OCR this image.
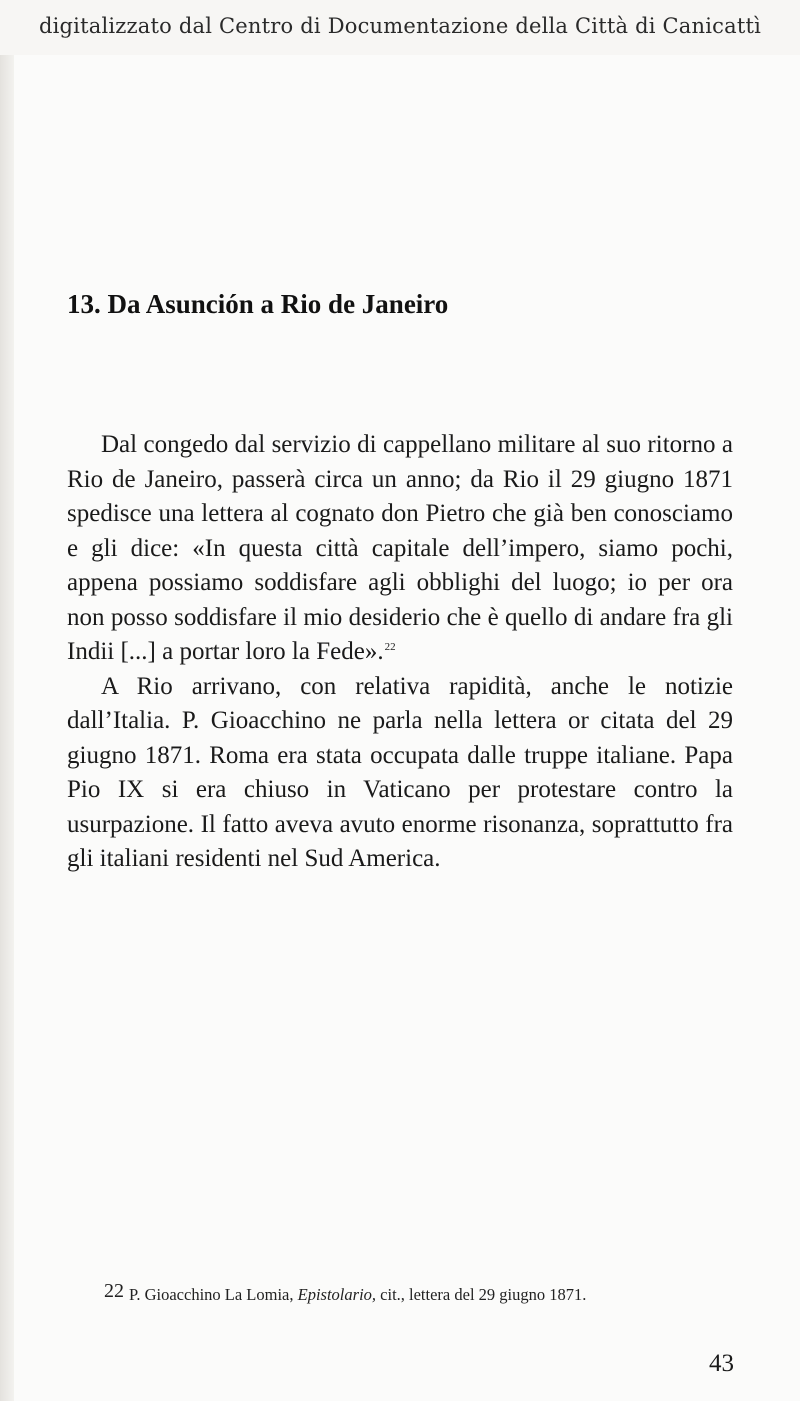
digitalizzato dal Centro di Documentazione della Città di Canicattì
13. Da Asunción a Rio de Janeiro

Dal congedo dal servizio di cappellano militare al suo ritorno a Rio de Janeiro, passerà circa un anno; da Rio il 29 giugno 1871 spedisce una lettera al cognato don Pietro che già ben conosciamo e gli dice: «In questa città capitale dell’impero, siamo pochi, appena possiamo soddisfare agli obblighi del luogo; io per ora non posso soddisfare il mio desiderio che è quello di andare fra gli Indii [...] a portar loro la Fede».$^{22}$

A Rio arrivano, con relativa rapidità, anche le notizie dall’Italia. P. Gioacchino ne parla nella lettera or citata del 29 giugno 1871. Roma era stata occupata dalle truppe italiane. Papa Pio IX si era chiuso in Vaticano per protestare contro la usurpazione. Il fatto aveva avuto enorme risonanza, soprattutto fra gli italiani residenti nel Sud America.

22 P. Gioacchino La Lomia, Epistolario, cit., lettera del 29 giugno 1871.
43
